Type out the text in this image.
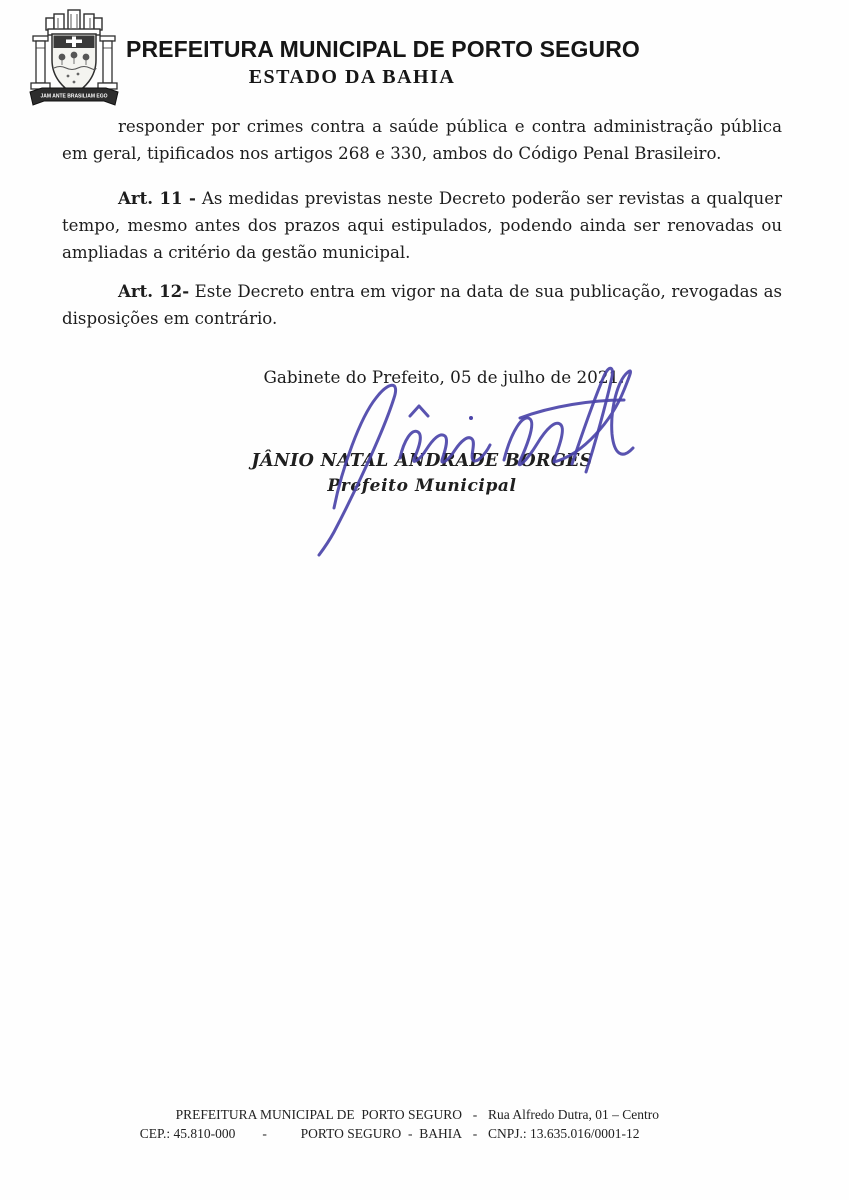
JAM ANTE BRASILIAM EGO
PREFEITURA MUNICIPAL DE PORTO SEGURO
ESTADO DA BAHIA

responder por crimes contra a saúde pública e contra administração pública em geral, tipificados nos artigos 268 e 330, ambos do Código Penal Brasileiro.

Art. 11 - As medidas previstas neste Decreto poderão ser revistas a qualquer tempo, mesmo antes dos prazos aqui estipulados, podendo ainda ser renovadas ou ampliadas a critério da gestão municipal.

Art. 12- Este Decreto entra em vigor na data de sua publicação, revogadas as disposições em contrário.

Gabinete do Prefeito, 05 de julho de 2021.
JÂNIO NATAL ANDRADE BORGES
Prefeito Municipal
PREFEITURA MUNICIPAL DE  PORTO SEGURO - Rua Alfredo Dutra, 01 – Centro
CEP.: 45.810-000        -          PORTO SEGURO  -  BAHIA - CNPJ.: 13.635.016/0001-12
